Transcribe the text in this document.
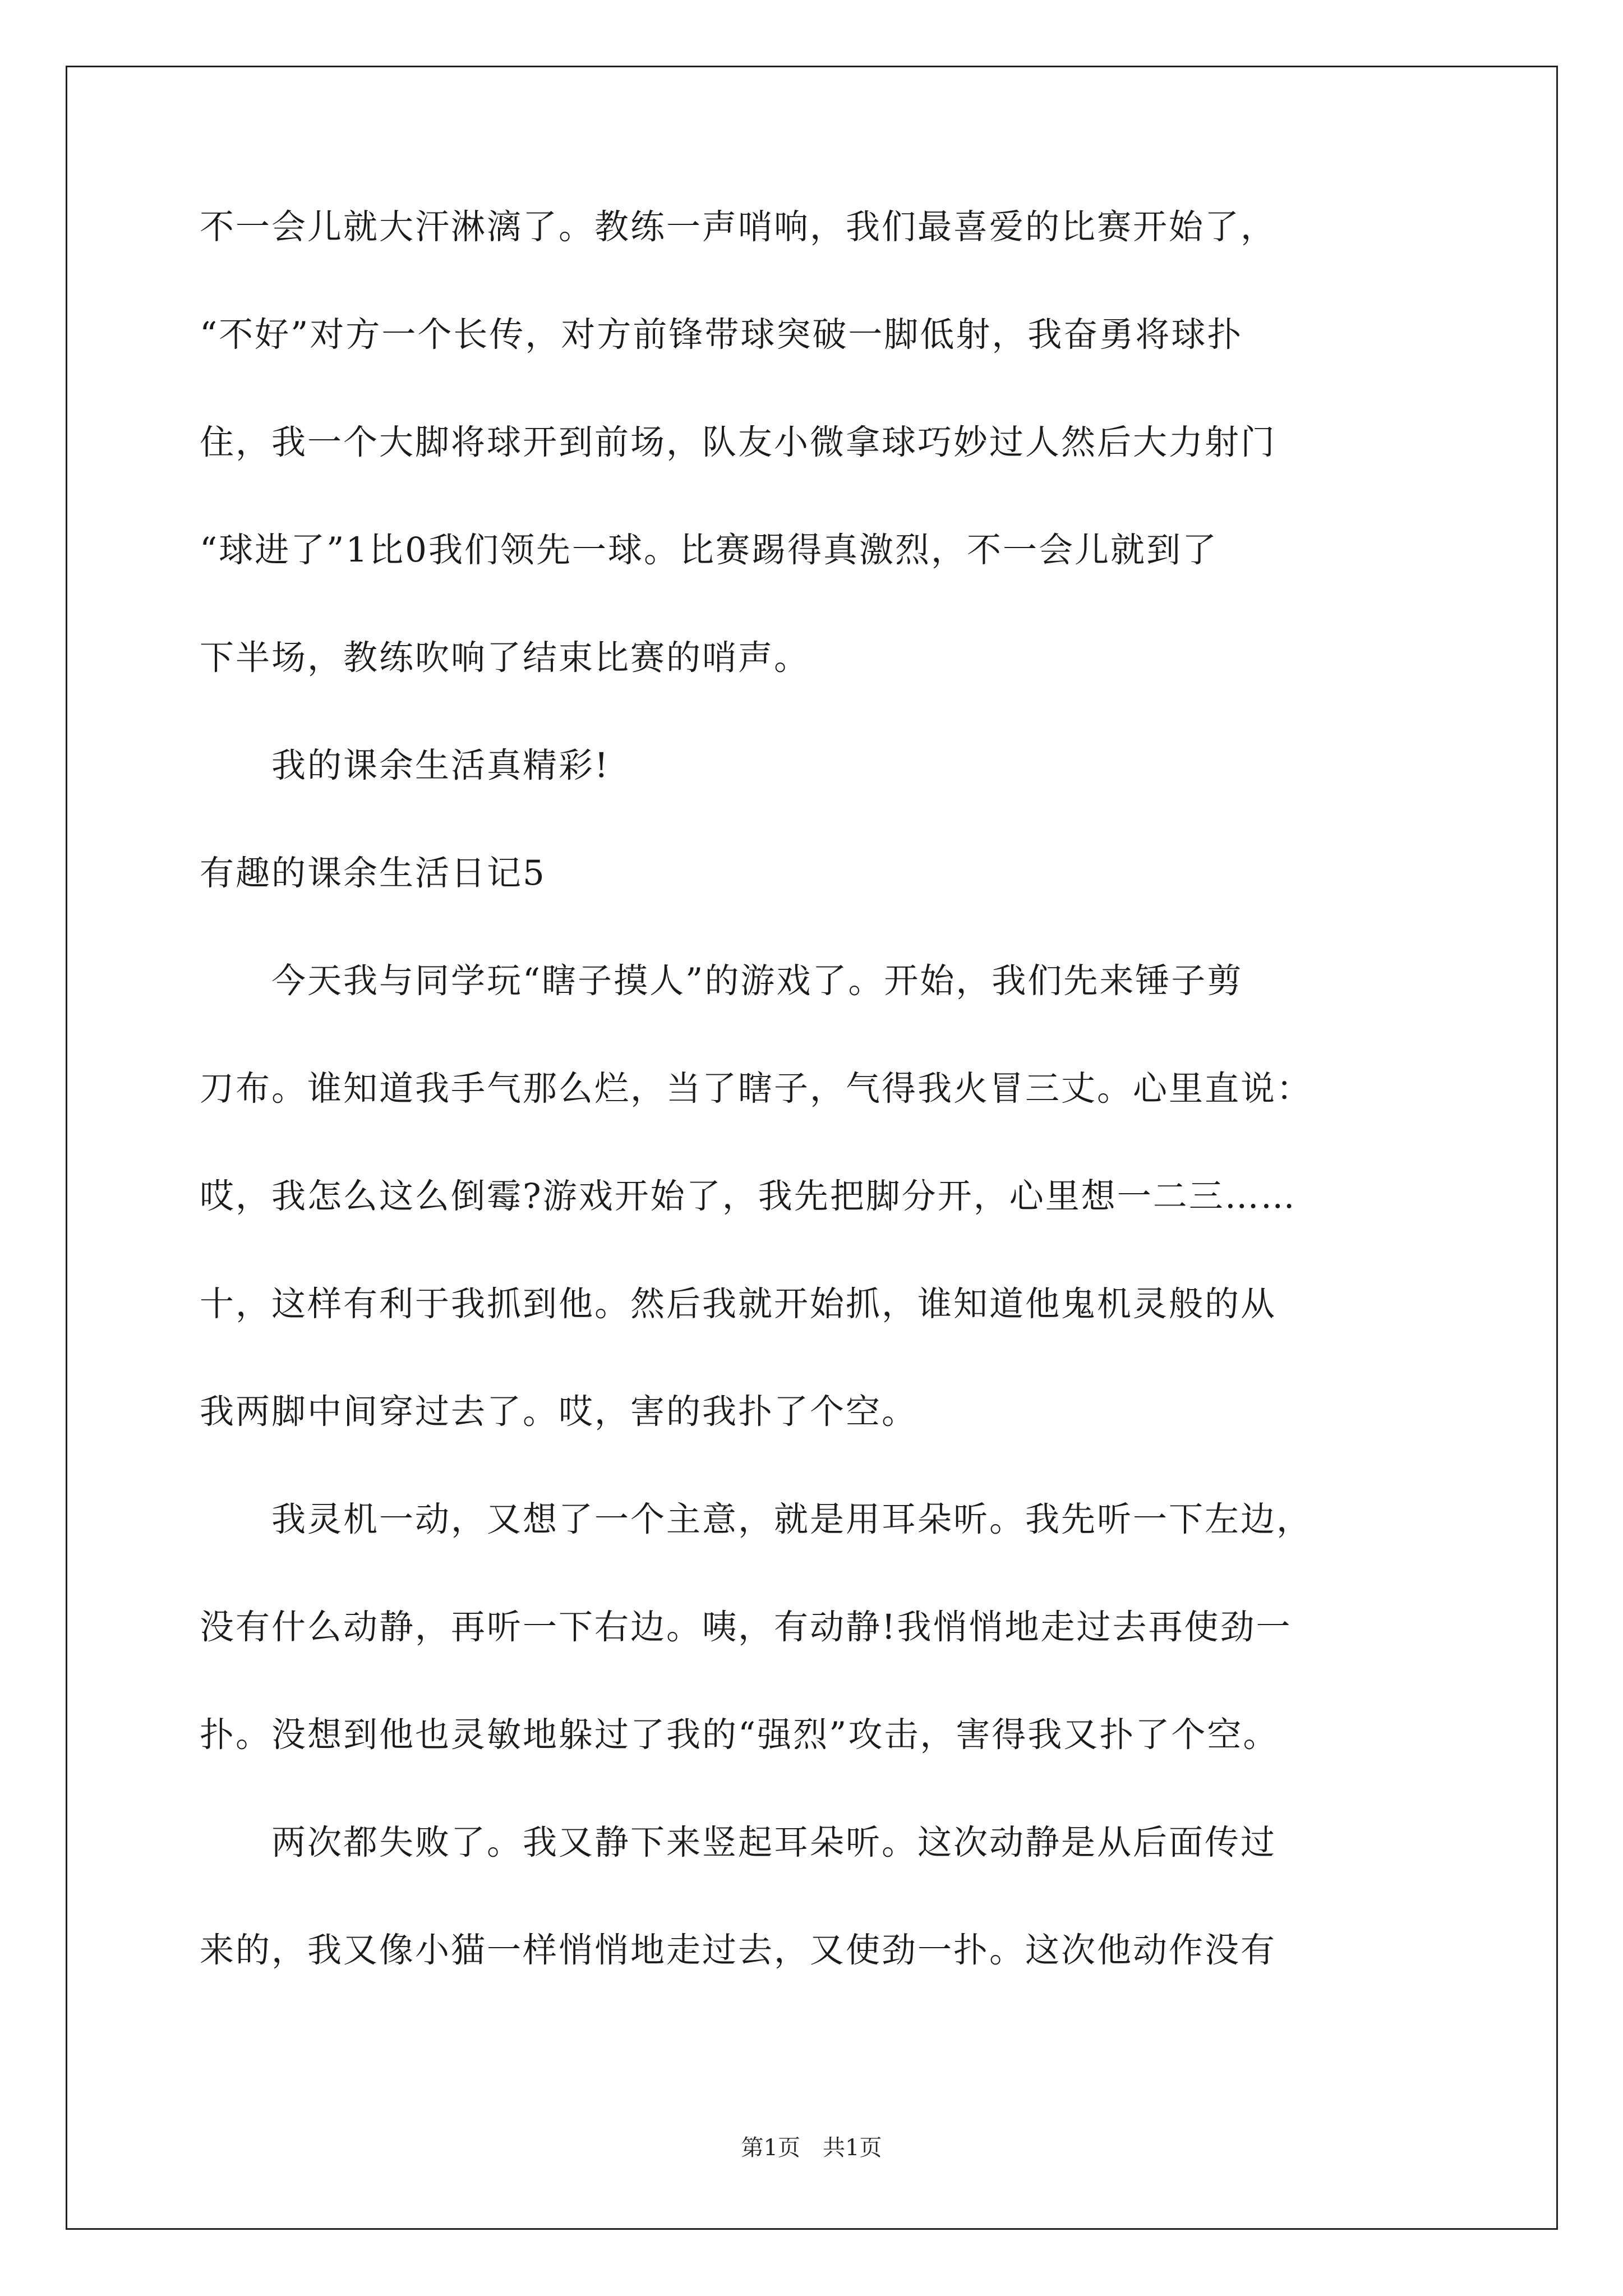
不一会儿就大汗淋漓了。教练一声哨响，我们最喜爱的比赛开始了，
“不好”对方一个长传，对方前锋带球突破一脚低射，我奋勇将球扑
住，我一个大脚将球开到前场，队友小微拿球巧妙过人然后大力射门
“球进了”1比0我们领先一球。比赛踢得真激烈，不一会儿就到了
下半场，教练吹响了结束比赛的哨声。
　　我的课余生活真精彩!
有趣的课余生活日记5
　　今天我与同学玩“瞎子摸人”的游戏了。开始，我们先来锤子剪
刀布。谁知道我手气那么烂，当了瞎子，气得我火冒三丈。心里直说：
哎，我怎么这么倒霉?游戏开始了，我先把脚分开，心里想一二三……
十，这样有利于我抓到他。然后我就开始抓，谁知道他鬼机灵般的从
我两脚中间穿过去了。哎，害的我扑了个空。
　　我灵机一动，又想了一个主意，就是用耳朵听。我先听一下左边，
没有什么动静，再听一下右边。咦，有动静!我悄悄地走过去再使劲一
扑。没想到他也灵敏地躲过了我的“强烈”攻击，害得我又扑了个空。
　　两次都失败了。我又静下来竖起耳朵听。这次动静是从后面传过
来的，我又像小猫一样悄悄地走过去，又使劲一扑。这次他动作没有
第1页　共1页
